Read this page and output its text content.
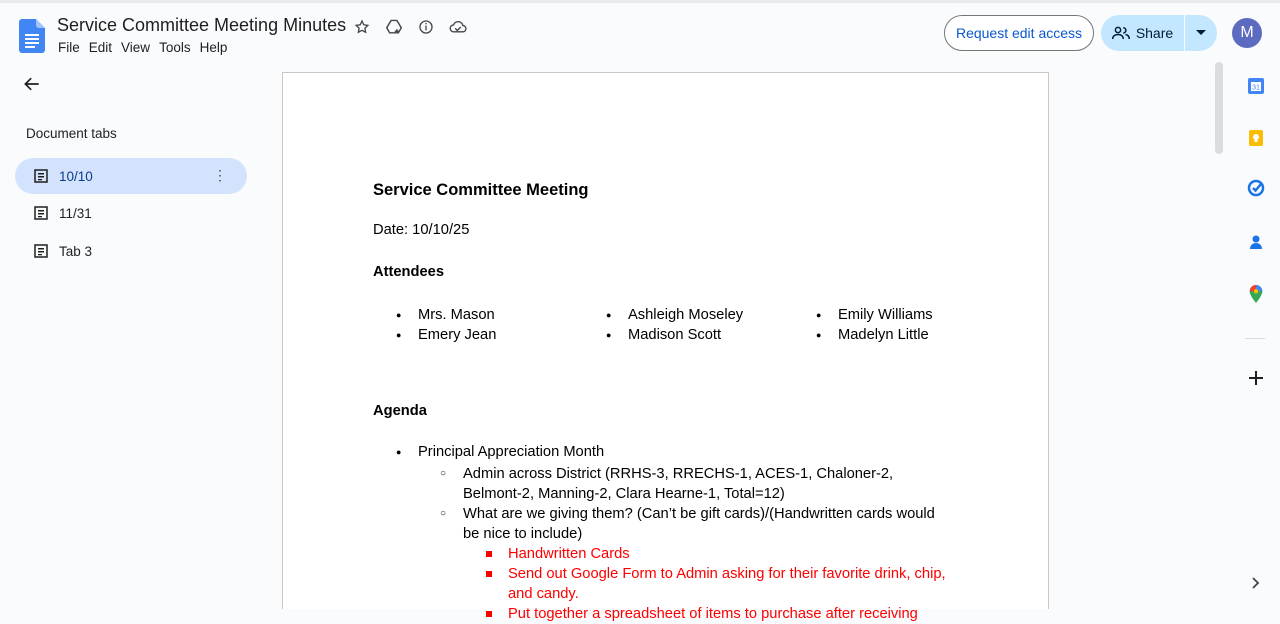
Service Committee Meeting Minutes
File Edit View Tools Help
Request edit access	Share	M
Document tabs
10/10	⋮
11/31
Tab 3
Service Committee Meeting
Date: 10/10/25
Attendees
● Mrs. Mason
● Emery Jean
● Ashleigh Moseley
● Madison Scott
● Emily Williams
● Madelyn Little
Agenda
● Principal Appreciation Month
○ Admin across District (RRHS-3, RRECHS-1, ACES-1, Chaloner-2, Belmont-2, Manning-2, Clara Hearne-1, Total=12)
○ What are we giving them? (Can’t be gift cards)/(Handwritten cards would be nice to include)
Handwritten Cards
Send out Google Form to Admin asking for their favorite drink, chip, and candy.
Put together a spreadsheet of items to purchase after receiving
31
